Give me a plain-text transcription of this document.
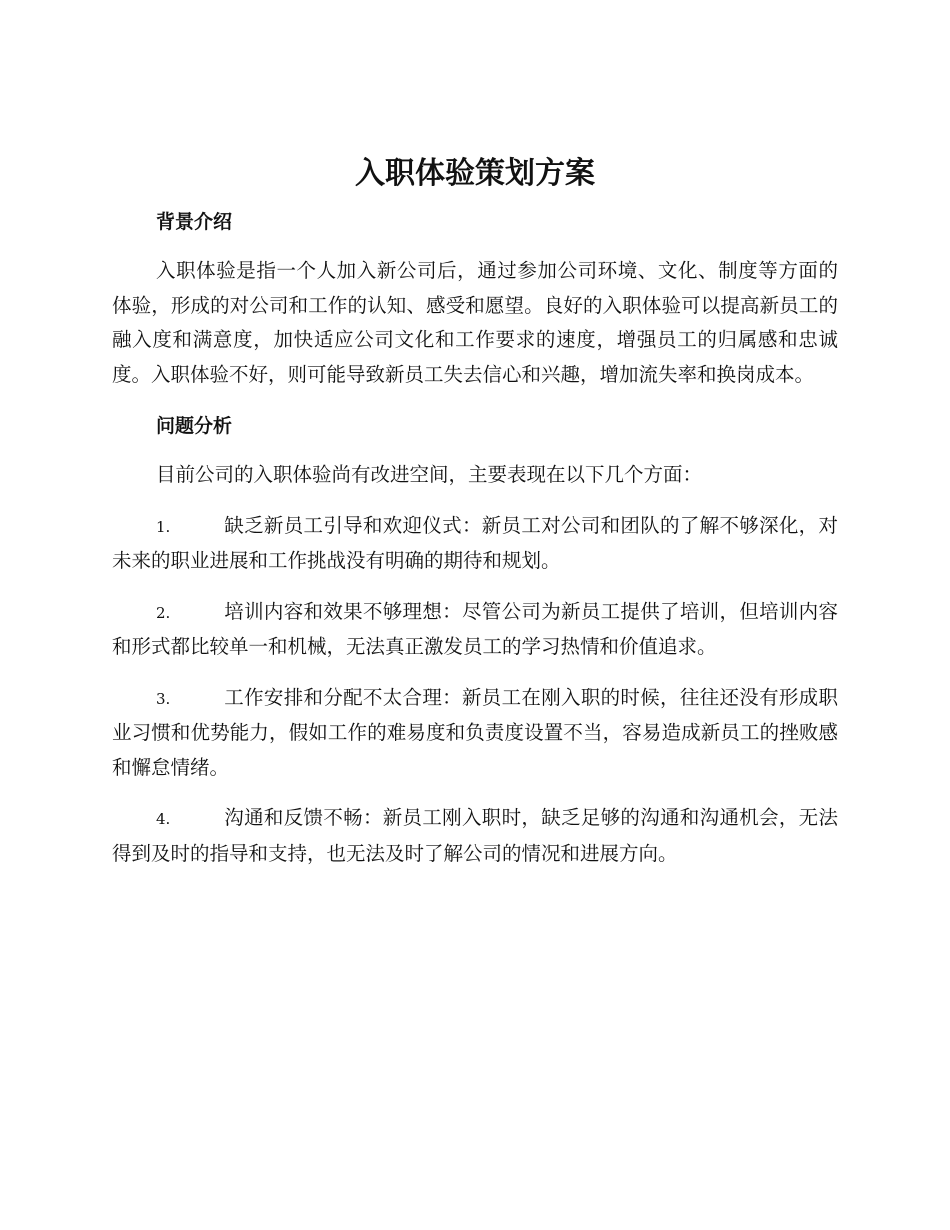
入职体验策划方案
背景介绍

入职体验是指一个人加入新公司后，通过参加公司环境、文化、制度等方面的体验，形成的对公司和工作的认知、感受和愿望。良好的入职体验可以提高新员工的融入度和满意度，加快适应公司文化和工作要求的速度，增强员工的归属感和忠诚度。入职体验不好，则可能导致新员工失去信心和兴趣，增加流失率和换岗成本。

问题分析

目前公司的入职体验尚有改进空间，主要表现在以下几个方面：

1.	缺乏新员工引导和欢迎仪式：新员工对公司和团队的了解不够深化，对未来的职业进展和工作挑战没有明确的期待和规划。

2.	培训内容和效果不够理想：尽管公司为新员工提供了培训，但培训内容和形式都比较单一和机械，无法真正激发员工的学习热情和价值追求。

3.	工作安排和分配不太合理：新员工在刚入职的时候，往往还没有形成职业习惯和优势能力，假如工作的难易度和负责度设置不当，容易造成新员工的挫败感和懈怠情绪。

4.	沟通和反馈不畅：新员工刚入职时，缺乏足够的沟通和沟通机会，无法得到及时的指导和支持，也无法及时了解公司的情况和进展方向。
